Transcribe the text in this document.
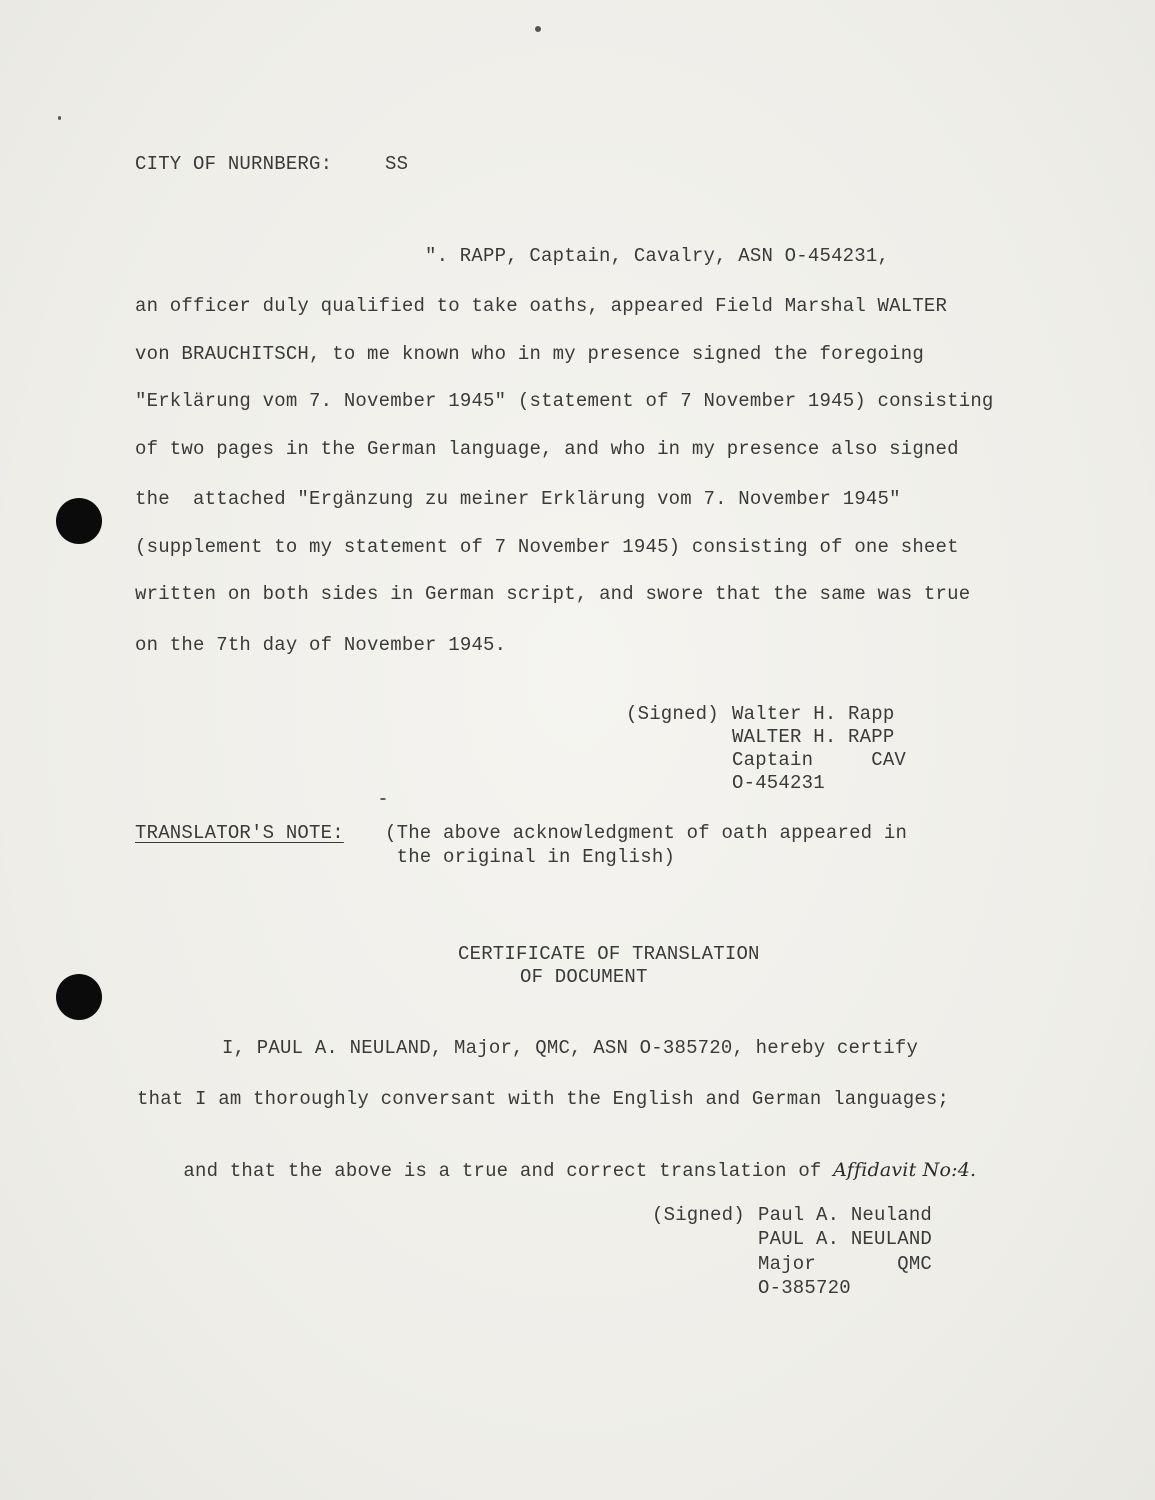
CITY OF NURNBERG:	SS
". RAPP, Captain, Cavalry, ASN O-454231,
an officer duly qualified to take oaths, appeared Field Marshal WALTER
von BRAUCHITSCH, to me known who in my presence signed the foregoing
"Erklärung vom 7. November 1945" (statement of 7 November 1945) consisting
of two pages in the German language, and who in my presence also signed
the  attached "Ergänzung zu meiner Erklärung vom 7. November 1945"
(supplement to my statement of 7 November 1945) consisting of one sheet
written on both sides in German script, and swore that the same was true
on the 7th day of November 1945.
(Signed) Walter H. Rapp
WALTER H. RAPP
Captain     CAV
O-454231
TRANSLATOR'S NOTE: (The above acknowledgment of oath appeared in
the original in English)
CERTIFICATE OF TRANSLATION
OF DOCUMENT
I, PAUL A. NEULAND, Major, QMC, ASN O-385720, hereby certify
that I am thoroughly conversant with the English and German languages;

and that the above is a true and correct translation of Affidavit No:4.

(Signed) Paul A. Neuland
PAUL A. NEULAND
Major       QMC
O-385720
